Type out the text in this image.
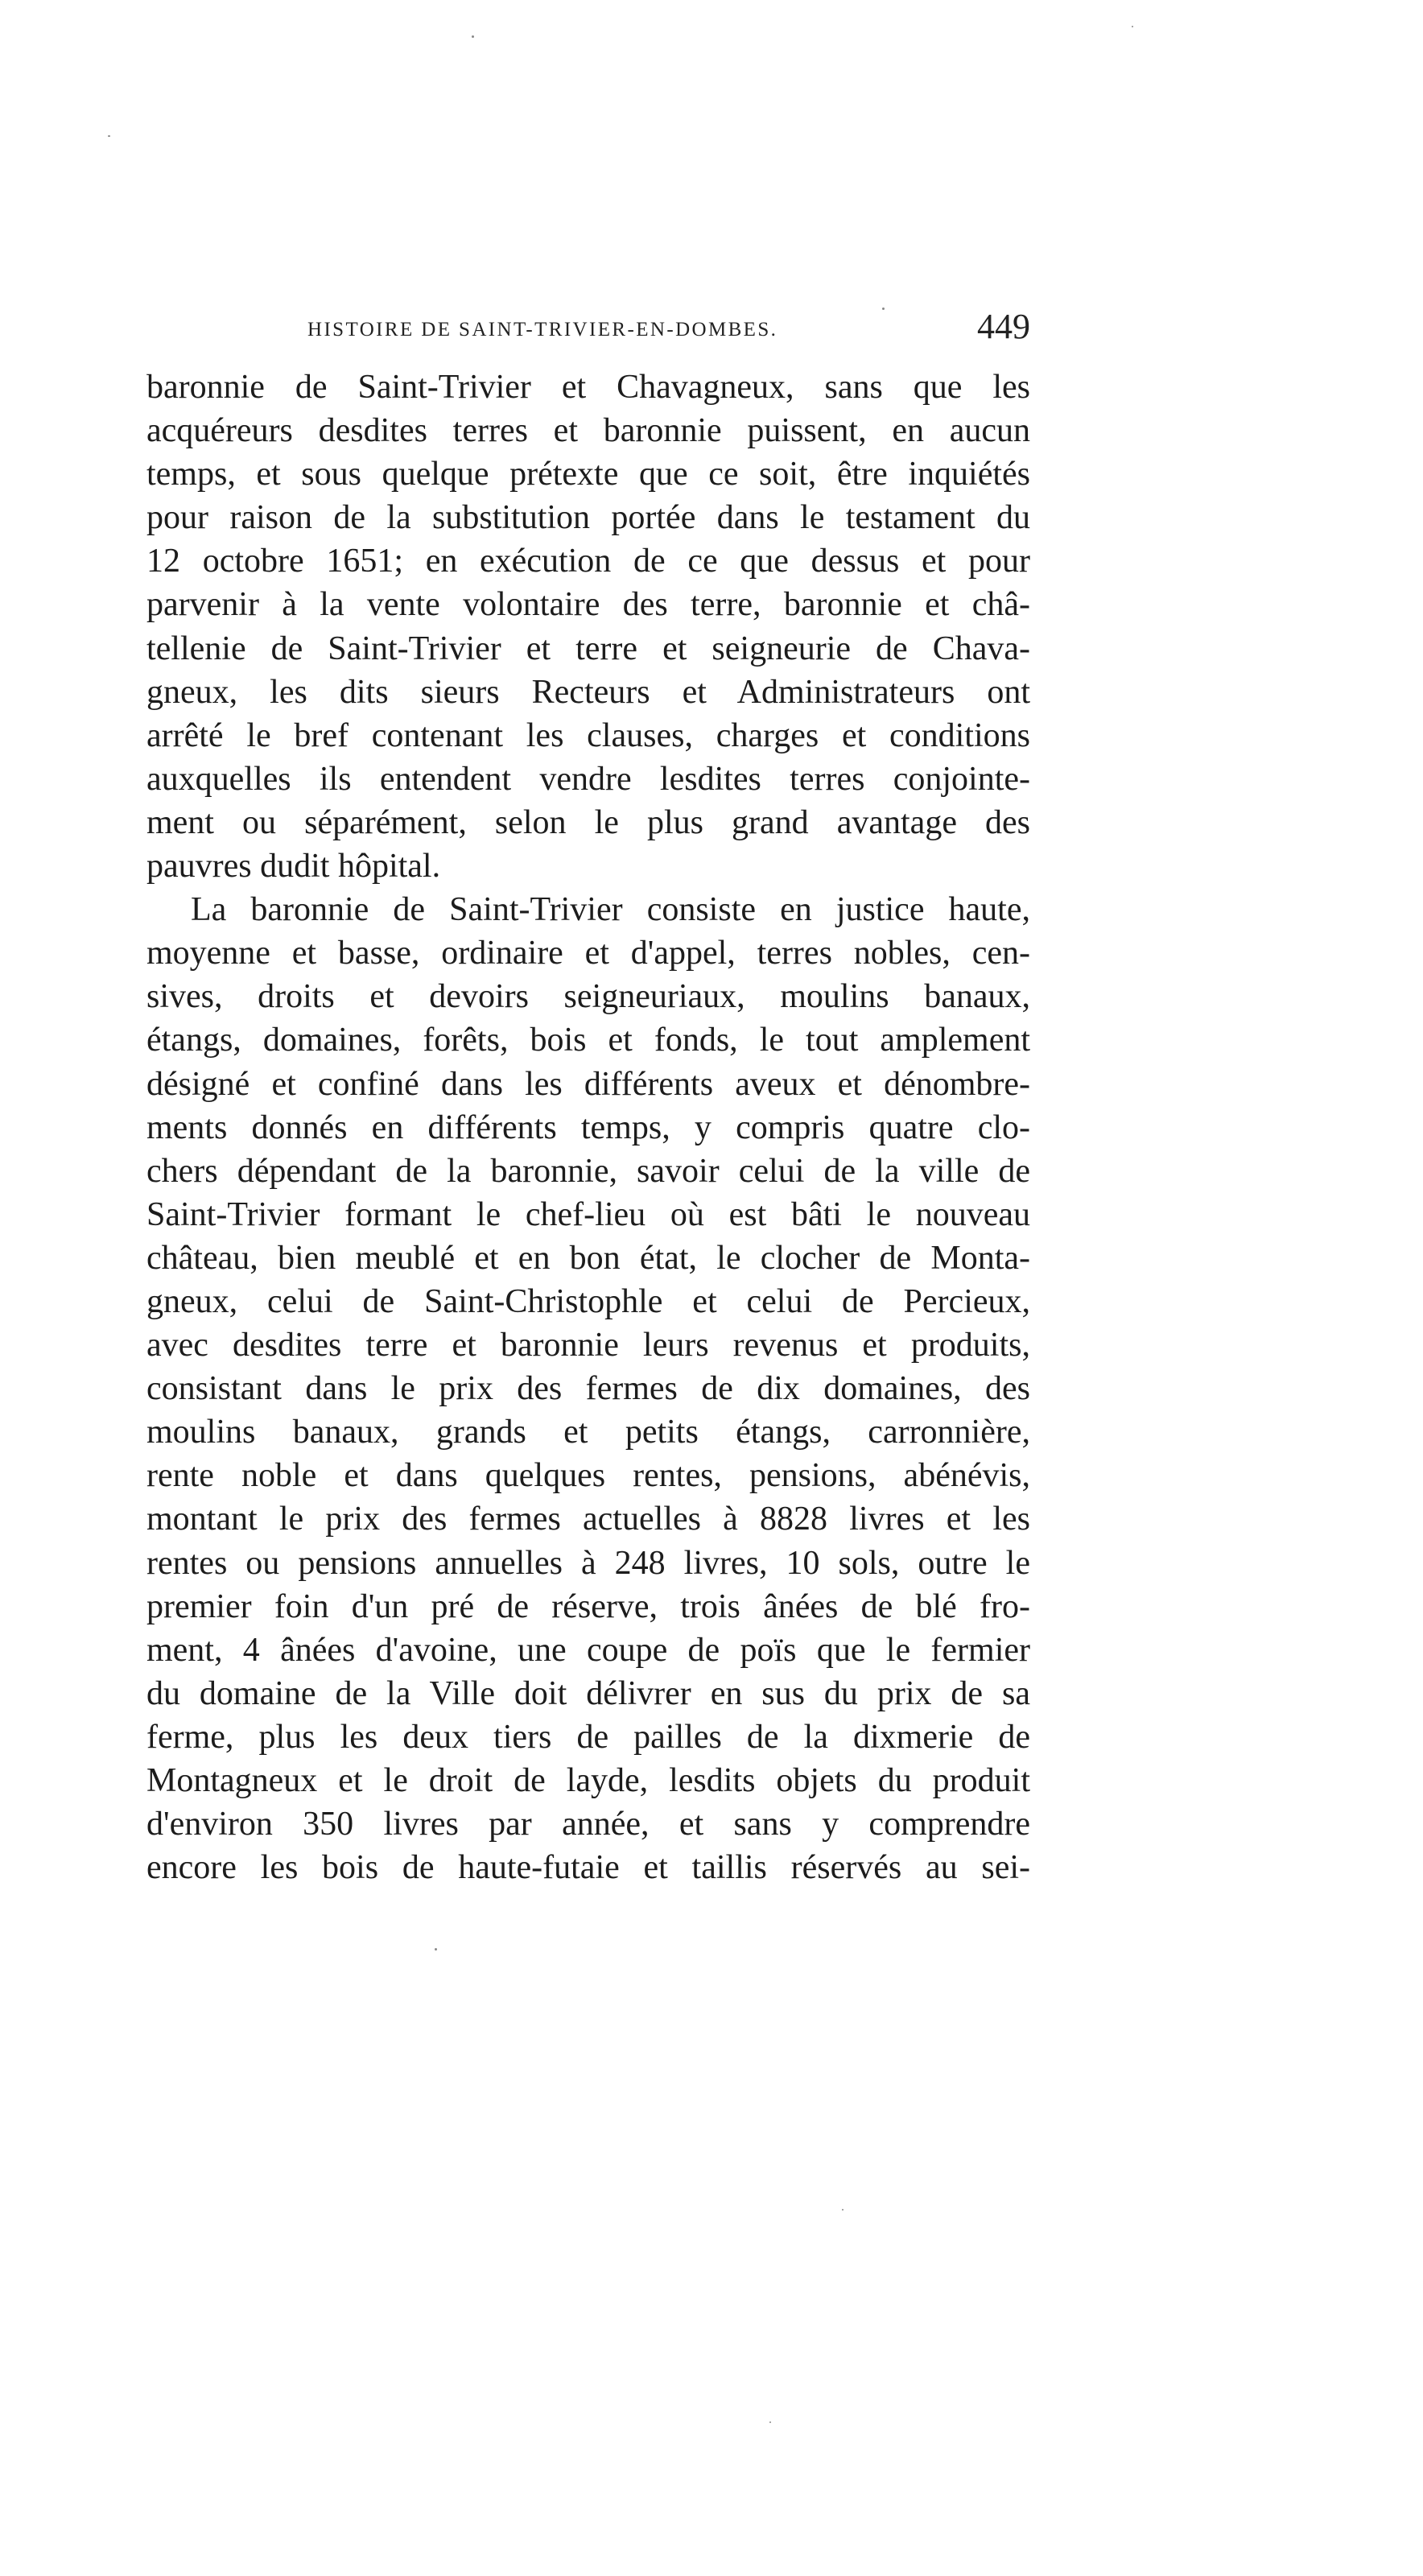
HISTOIRE DE SAINT-TRIVIER-EN-DOMBES.	449
baronnie de Saint-Trivier et Chavagneux, sans que les
acquéreurs desdites terres et baronnie puissent, en aucun
temps, et sous quelque prétexte que ce soit, être inquiétés
pour raison de la substitution portée dans le testament du
12 octobre 1651; en exécution de ce que dessus et pour
parvenir à la vente volontaire des terre, baronnie et châ-
tellenie de Saint-Trivier et terre et seigneurie de Chava-
gneux, les dits sieurs Recteurs et Administrateurs ont
arrêté le bref contenant les clauses, charges et conditions
auxquelles ils entendent vendre lesdites terres conjointe-
ment ou séparément, selon le plus grand avantage des
pauvres dudit hôpital.
La baronnie de Saint-Trivier consiste en justice haute,
moyenne et basse, ordinaire et d'appel, terres nobles, cen-
sives, droits et devoirs seigneuriaux, moulins banaux,
étangs, domaines, forêts, bois et fonds, le tout amplement
désigné et confiné dans les différents aveux et dénombre-
ments donnés en différents temps, y compris quatre clo-
chers dépendant de la baronnie, savoir celui de la ville de
Saint-Trivier formant le chef-lieu où est bâti le nouveau
château, bien meublé et en bon état, le clocher de Monta-
gneux, celui de Saint-Christophle et celui de Percieux,
avec desdites terre et baronnie leurs revenus et produits,
consistant dans le prix des fermes de dix domaines, des
moulins banaux, grands et petits étangs, carronnière,
rente noble et dans quelques rentes, pensions, abénévis,
montant le prix des fermes actuelles à 8828 livres et les
rentes ou pensions annuelles à 248 livres, 10 sols, outre le
premier foin d'un pré de réserve, trois ânées de blé fro-
ment, 4 ânées d'avoine, une coupe de poïs que le fermier
du domaine de la Ville doit délivrer en sus du prix de sa
ferme, plus les deux tiers de pailles de la dixmerie de
Montagneux et le droit de layde, lesdits objets du produit
d'environ 350 livres par année, et sans y comprendre
encore les bois de haute-futaie et taillis réservés au sei-
